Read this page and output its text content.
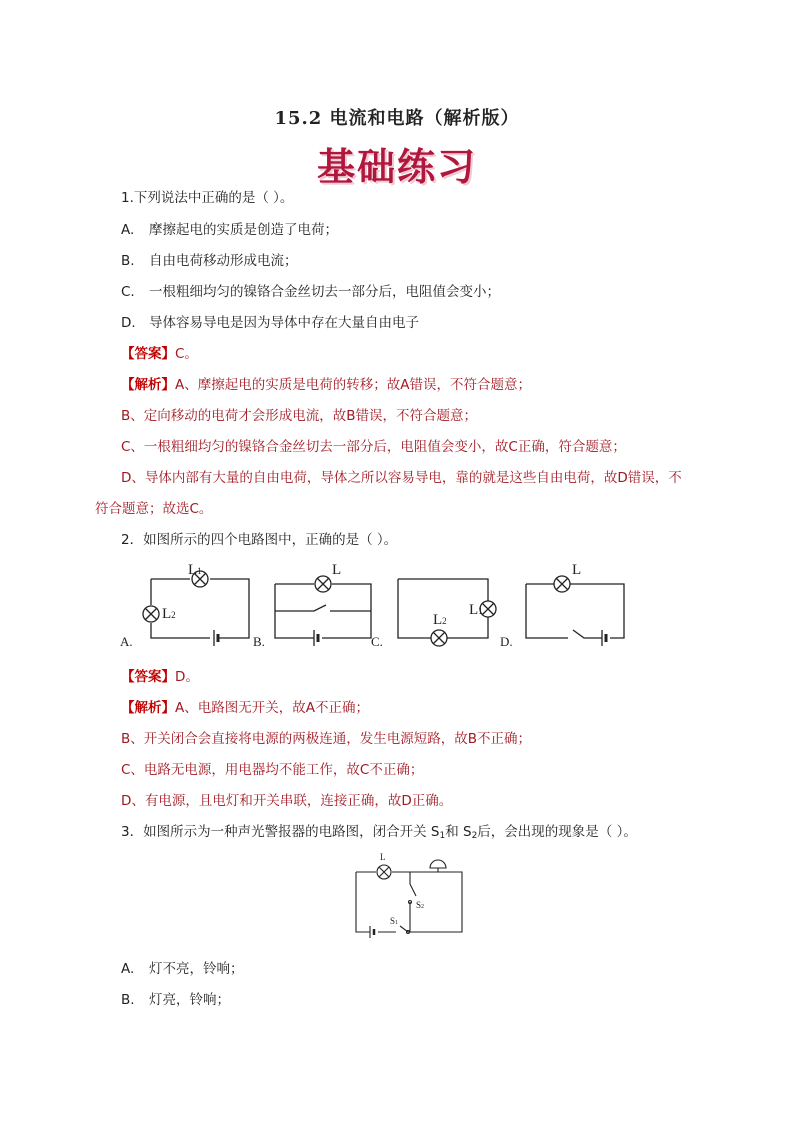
15.2 电流和电路（解析版）
基础练习
1.下列说法中正确的是（ ）。
A. 摩擦起电的实质是创造了电荷；
B. 自由电荷移动形成电流；
C. 一根粗细均匀的镍铬合金丝切去一部分后，电阻值会变小；
D. 导体容易导电是因为导体中存在大量自由电子
【答案】C。
【解析】A、摩擦起电的实质是电荷的转移；故A错误，不符合题意；
B、定向移动的电荷才会形成电流，故B错误，不符合题意；
C、一根粗细均匀的镍铬合金丝切去一部分后，电阻值会变小，故C正确，符合题意；
D、导体内部有大量的自由电荷，导体之所以容易导电，靠的就是这些自由电荷，故D错误，不
符合题意；故选C。
2．如图所示的四个电路图中，正确的是（ ）。
L1
L2
L
L1
L2
L
A.	B.	C.	D.
【答案】D。
【解析】A、电路图无开关，故A不正确；
B、开关闭合会直接将电源的两极连通，发生电源短路，故B不正确；
C、电路无电源，用电器均不能工作，故C不正确；
D、有电源，且电灯和开关串联，连接正确，故D正确。
3．如图所示为一种声光警报器的电路图，闭合开关 $S_1$和 $S_2$后，会出现的现象是（ ）。
L
S2
S1
A. 灯不亮，铃响；
B. 灯亮，铃响；
